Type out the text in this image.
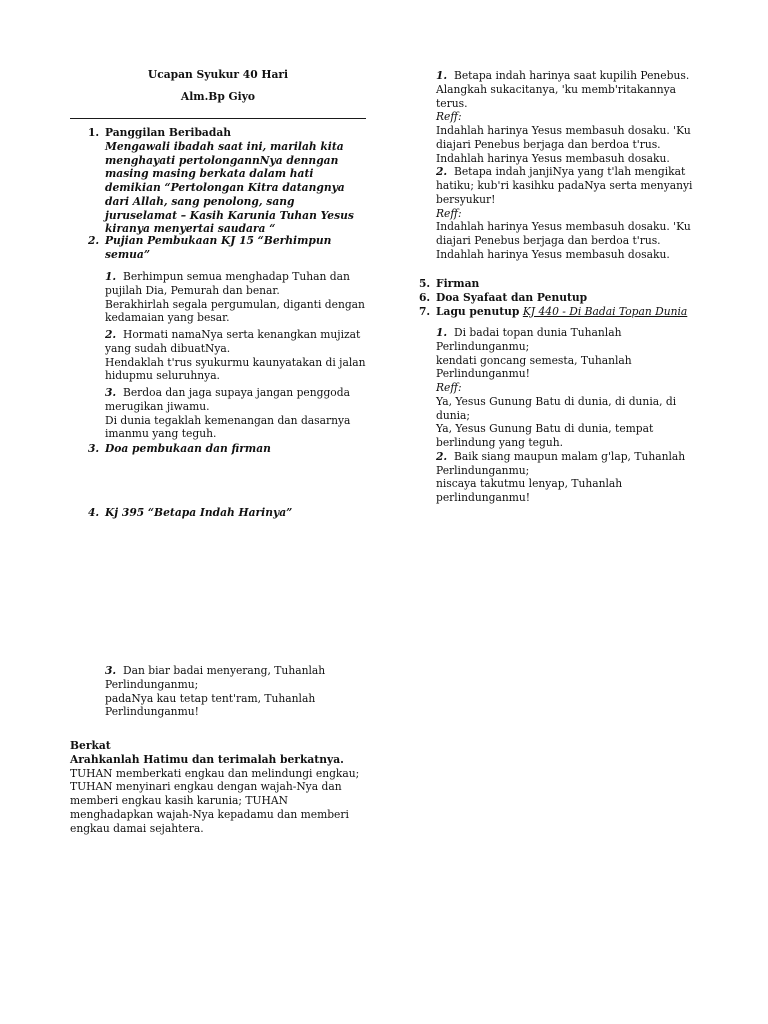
Ucapan Syukur 40 Hari
Alm.Bp Giyo
1. Panggilan Beribadah
Mengawali ibadah saat ini, marilah kita
menghayati pertolongannNya denngan
masing masing berkata dalam hati
demikian “Pertolongan Kitra datangnya
dari Allah, sang penolong, sang
juruselamat – Kasih Karunia Tuhan Yesus
kiranya menyertai saudara “
2. Pujian Pembukaan KJ 15 “Berhimpun
semua”
1. Berhimpun semua menghadap Tuhan dan
pujilah Dia, Pemurah dan benar.
Berakhirlah segala pergumulan, diganti dengan
kedamaian yang besar.
2. Hormati namaNya serta kenangkan mujizat
yang sudah dibuatNya.
Hendaklah t'rus syukurmu kaunyatakan di jalan
hidupmu seluruhnya.
3. Berdoa dan jaga supaya jangan penggoda
merugikan jiwamu.
Di dunia tegaklah kemenangan dan dasarnya
imanmu yang teguh.
3. Doa pembukaan dan firman
4. Kj 395 “Betapa Indah Harinya”
3. Dan biar badai menyerang, Tuhanlah
Perlindunganmu;
padaNya kau tetap tent'ram, Tuhanlah
Perlindunganmu!
Berkat
Arahkanlah Hatimu dan terimalah berkatnya.
TUHAN memberkati engkau dan melindungi engkau;
TUHAN menyinari engkau dengan wajah-Nya dan
memberi engkau kasih karunia; TUHAN
menghadapkan wajah-Nya kepadamu dan memberi
engkau damai sejahtera.
1. Betapa indah harinya saat kupilih Penebus.
Alangkah sukacitanya, 'ku memb'ritakannya
terus.
Reff:
Indahlah harinya Yesus membasuh dosaku. 'Ku
diajari Penebus berjaga dan berdoa t'rus.
Indahlah harinya Yesus membasuh dosaku.
2. Betapa indah janjiNya yang t'lah mengikat
hatiku; kub'ri kasihku padaNya serta menyanyi
bersyukur!
Reff:
Indahlah harinya Yesus membasuh dosaku. 'Ku
diajari Penebus berjaga dan berdoa t'rus.
Indahlah harinya Yesus membasuh dosaku.
5. Firman
6. Doa Syafaat dan Penutup
7. Lagu penutup KJ 440 - Di Badai Topan Dunia
1. Di badai topan dunia Tuhanlah
Perlindunganmu;
kendati goncang semesta, Tuhanlah
Perlindunganmu!
Reff:
Ya, Yesus Gunung Batu di dunia, di dunia, di
dunia;
Ya, Yesus Gunung Batu di dunia, tempat
berlindung yang teguh.
2. Baik siang maupun malam g'lap, Tuhanlah
Perlindunganmu;
niscaya takutmu lenyap, Tuhanlah
perlindunganmu!
